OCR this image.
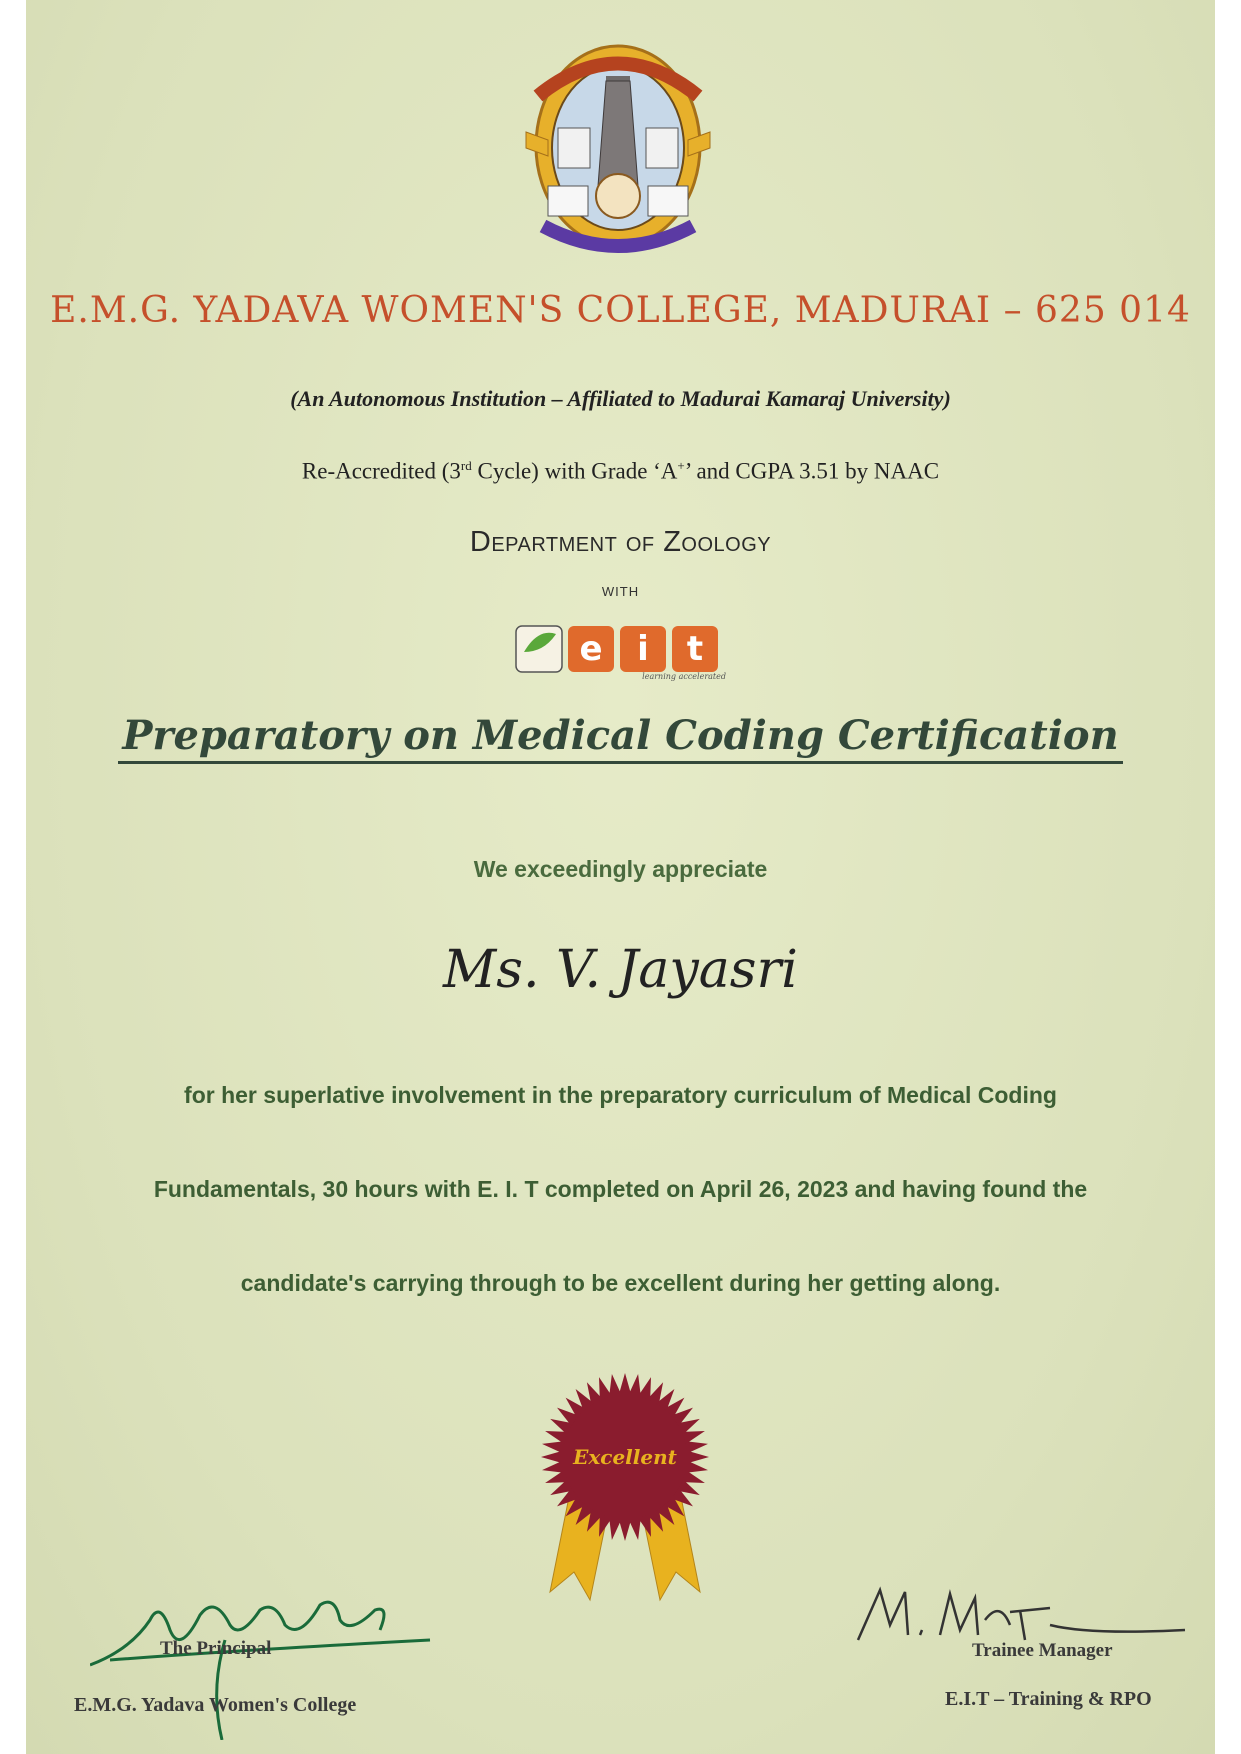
E.M.G. YADAVA WOMEN'S COLLEGE, MADURAI – 625 014
(An Autonomous Institution – Affiliated to Madurai Kamaraj University)
Re-Accredited (3rd Cycle) with Grade ‘A+’ and CGPA 3.51 by NAAC
Department of Zoology
with
e	i	t
learning accelerated
Preparatory on Medical Coding Certification
We exceedingly appreciate
Ms. V. Jayasri
for her superlative involvement in the preparatory curriculum of Medical Coding
Fundamentals, 30 hours with E. I. T completed on April 26, 2023 and having found the
candidate's carrying through to be excellent during her getting along.
Excellent
The Principal
E.M.G. Yadava Women's College
Trainee Manager
E.I.T – Training & RPO
